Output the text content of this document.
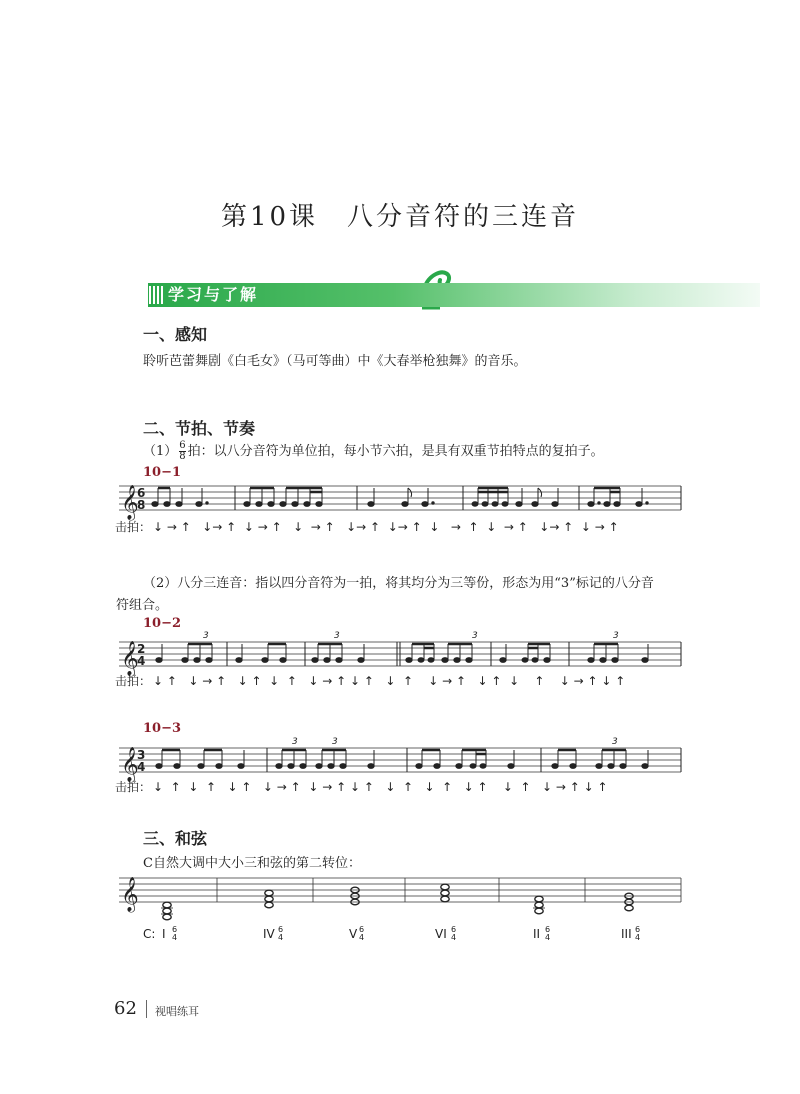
第10课　八分音符的三连音
学习与了解
一、感知
聆听芭蕾舞剧《白毛女》（马可等曲）中《大春举枪独舞》的音乐。
二、节拍、节奏
$(1) \frac{6}{8}$ 拍：以八分音符为单位拍，每小节六拍，是具有双重节拍特点的复拍子。
10−1
𝄞
6
8
击拍： ↓ → ↑   ↓→ ↑  ↓ → ↑   ↓  → ↑   ↓→ ↑  ↓→ ↑  ↓   →  ↑  ↓  → ↑   ↓→ ↑  ↓ → ↑
（2）八分三连音：指以四分音符为一拍，将其均分为三等份，形态为用“3”标记的八分音
符组合。
10−2
𝄞
2
4
3	3	3	3
击拍： ↓ ↑   ↓ → ↑   ↓ ↑  ↓  ↑   ↓ → ↑ ↓ ↑   ↓  ↑    ↓ → ↑   ↓ ↑  ↓    ↑    ↓ → ↑ ↓ ↑
10−3
𝄞
3
4
3	3	3
击拍： ↓  ↑  ↓  ↑   ↓ ↑   ↓ → ↑  ↓ → ↑ ↓ ↑   ↓  ↑   ↓  ↑   ↓ ↑    ↓  ↑   ↓ → ↑ ↓ ↑
三、和弦
C自然大调中大小三和弦的第二转位：
𝄞
C: I	IV	V	VI	II	III
6
4
6
4
6
4
6
4
6
4
6
4
62 视唱练耳
